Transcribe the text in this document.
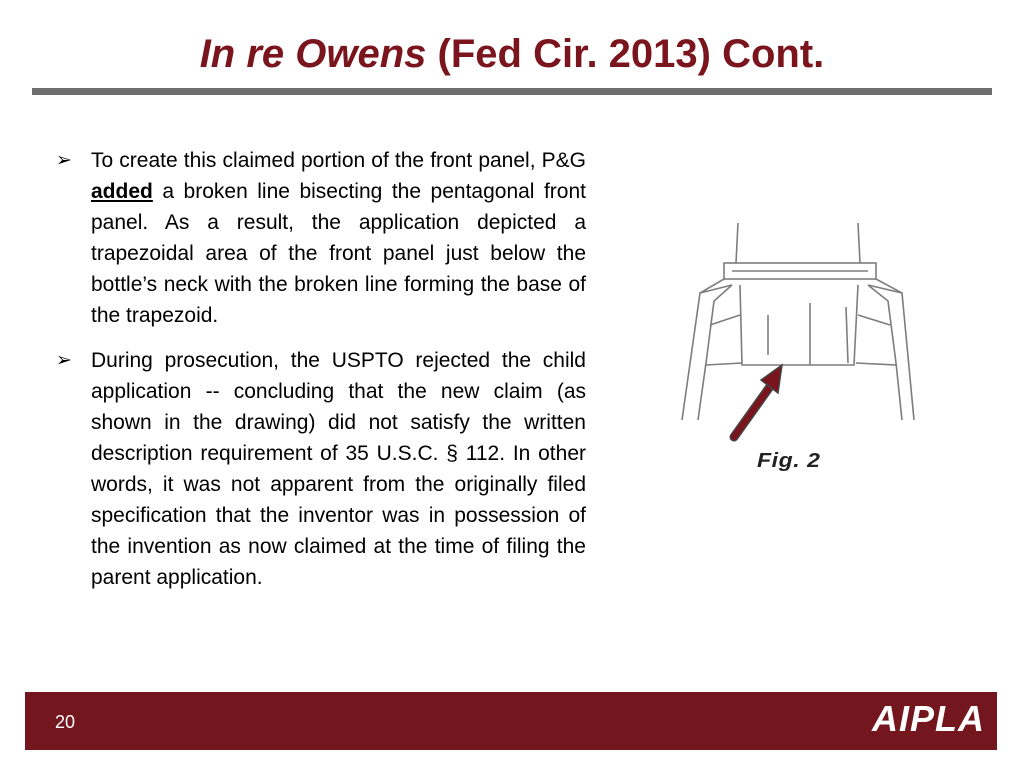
In re Owens (Fed Cir. 2013) Cont.
➢ To create this claimed portion of the front panel, P&G added a broken line bisecting the pentagonal front panel. As a result, the application depicted a trapezoidal area of the front panel just below the bottle’s neck with the broken line forming the base of the trapezoid.
➢ During prosecution, the USPTO rejected the child application -- concluding that the new claim (as shown in the drawing) did not satisfy the written description requirement of 35 U.S.C. § 112. In other words, it was not apparent from the originally filed specification that the inventor was in possession of the invention as now claimed at the time of filing the parent application.
Fig. 2
20	AIPLA
